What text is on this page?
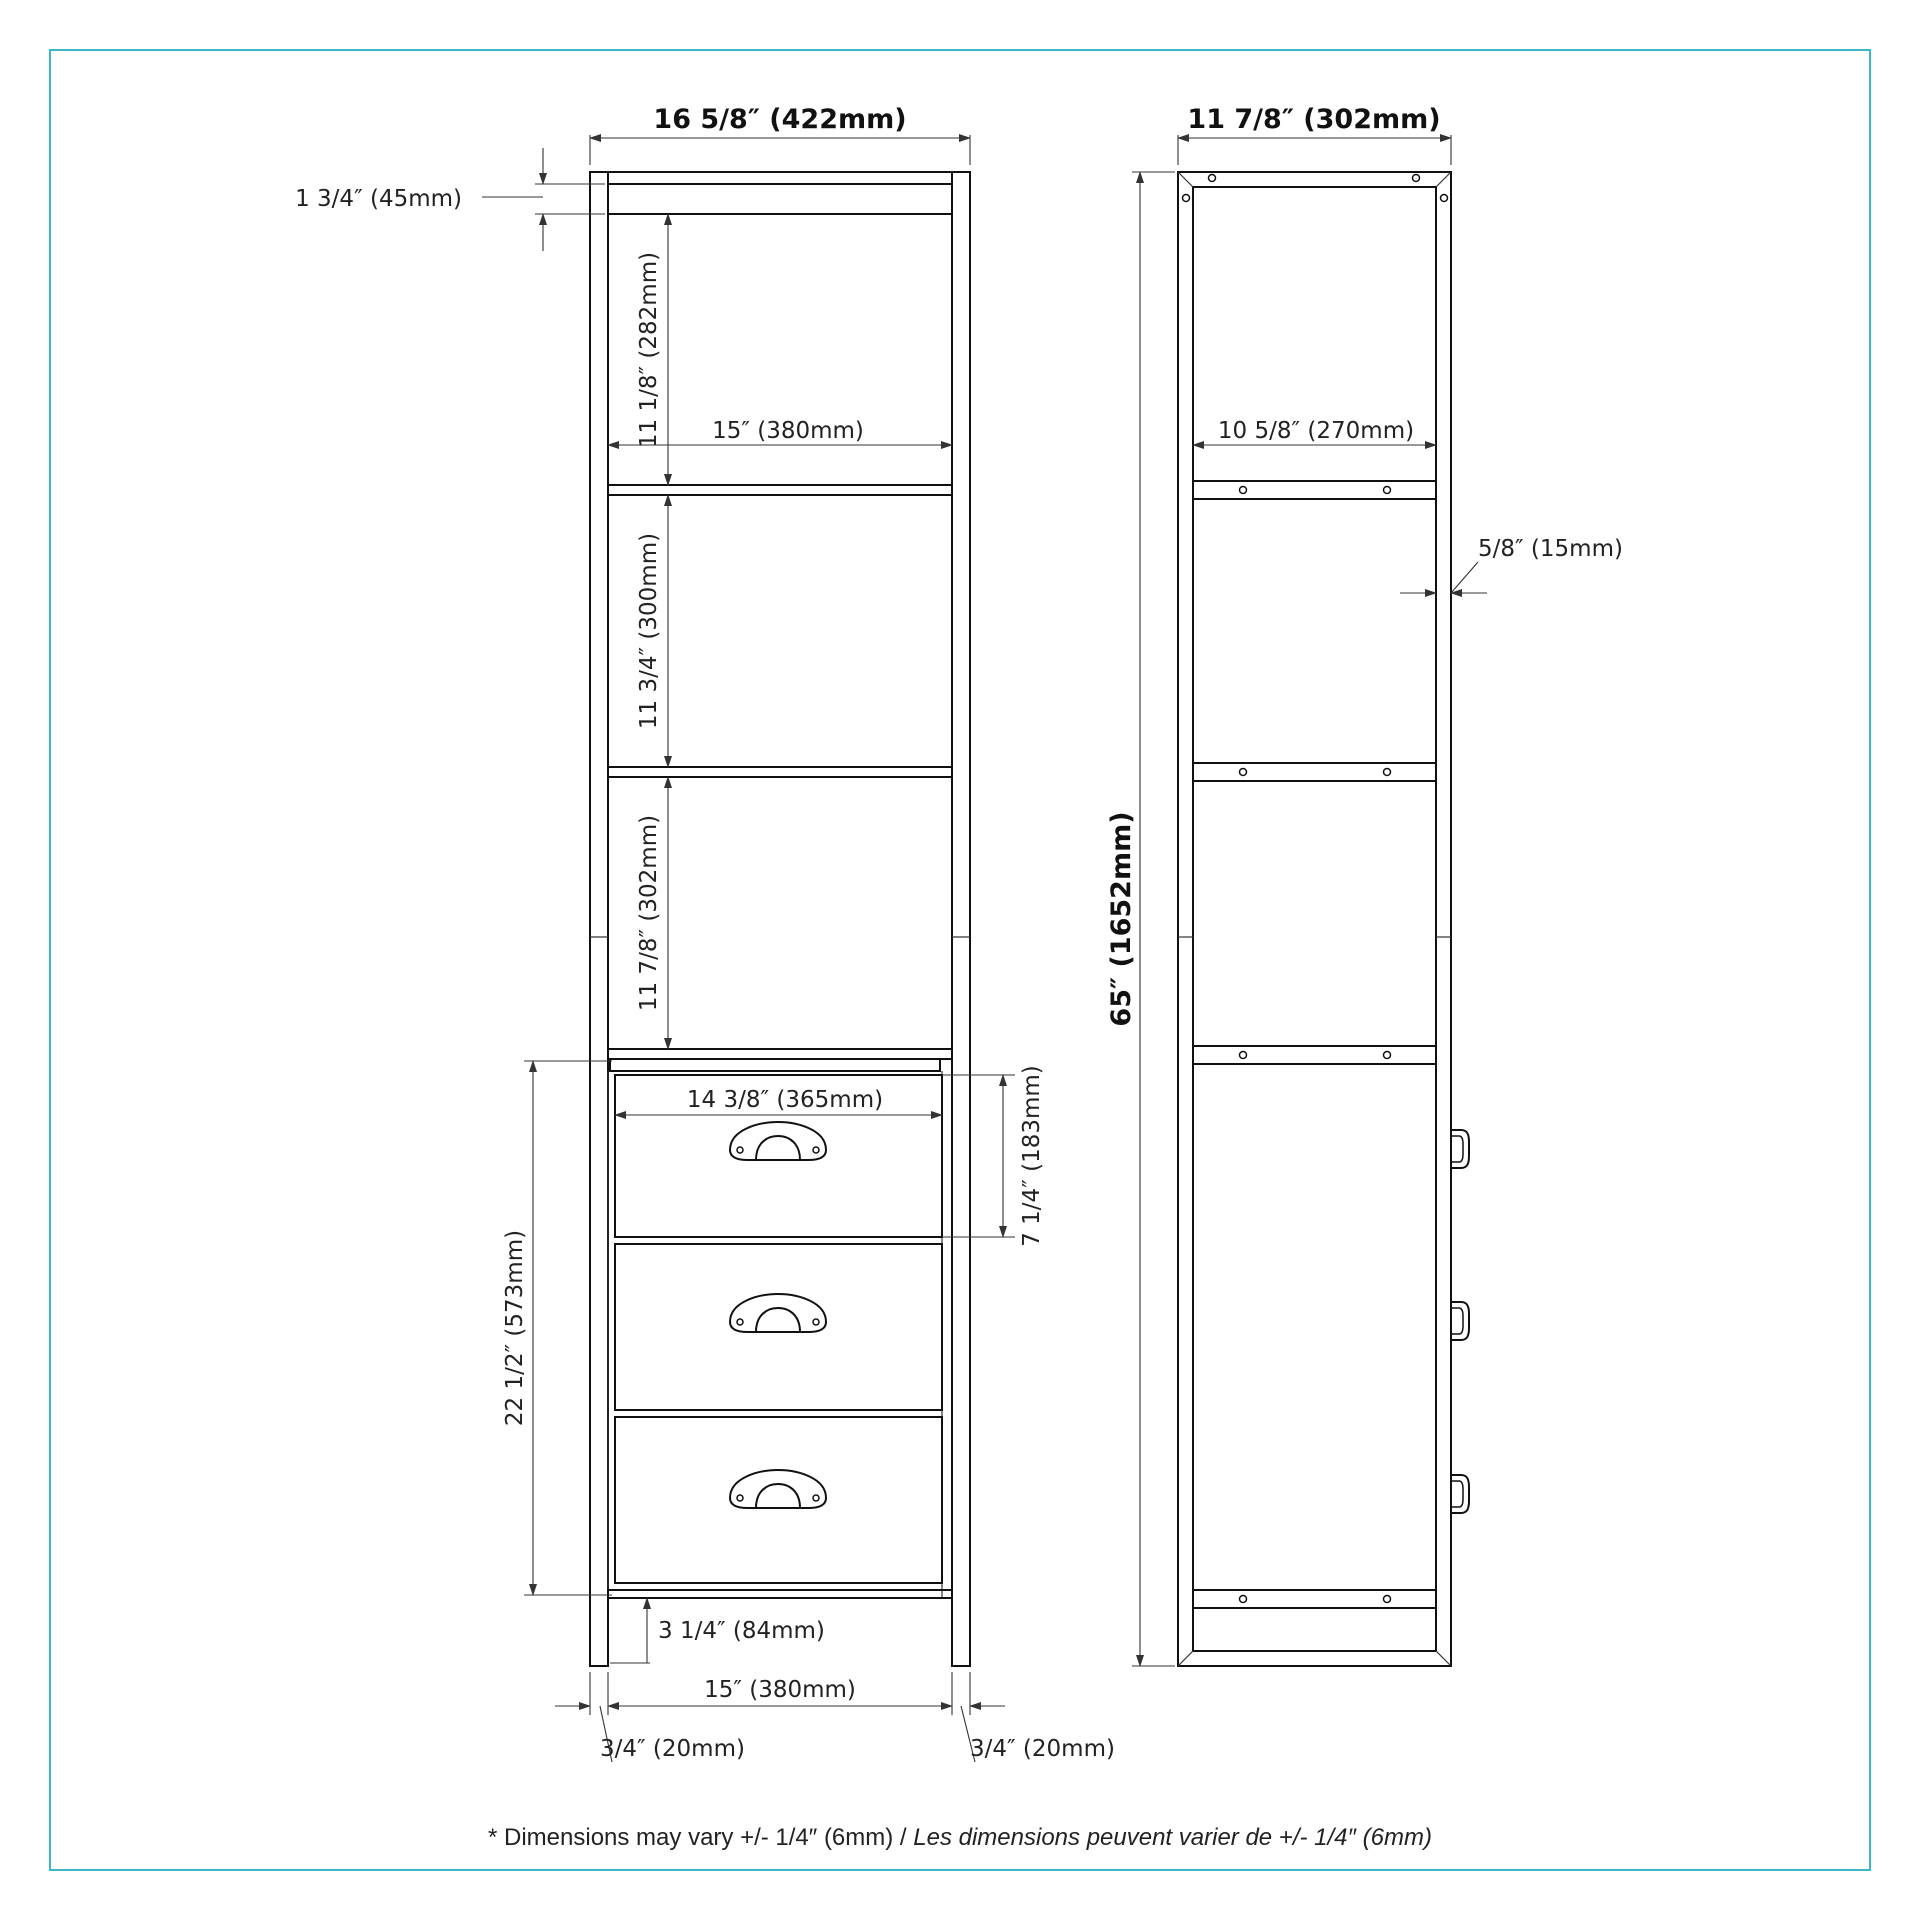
16 5/8″ (422mm)
1 3/4″ (45mm)
11 1/8″ (282mm)
11 3/4″ (300mm)
11 7/8″ (302mm)
15″ (380mm)
14 3/8″ (365mm)	7 1/4″ (183mm)
22 1/2″ (573mm)
3 1/4″ (84mm)
15″ (380mm)
3/4″ (20mm)	3/4″ (20mm)
11 7/8″ (302mm)
65″ (1652mm)
10 5/8″ (270mm)
5/8″ (15mm)
* Dimensions may vary +/- 1/4″ (6mm) / Les dimensions peuvent varier de +/- 1/4″ (6mm)
